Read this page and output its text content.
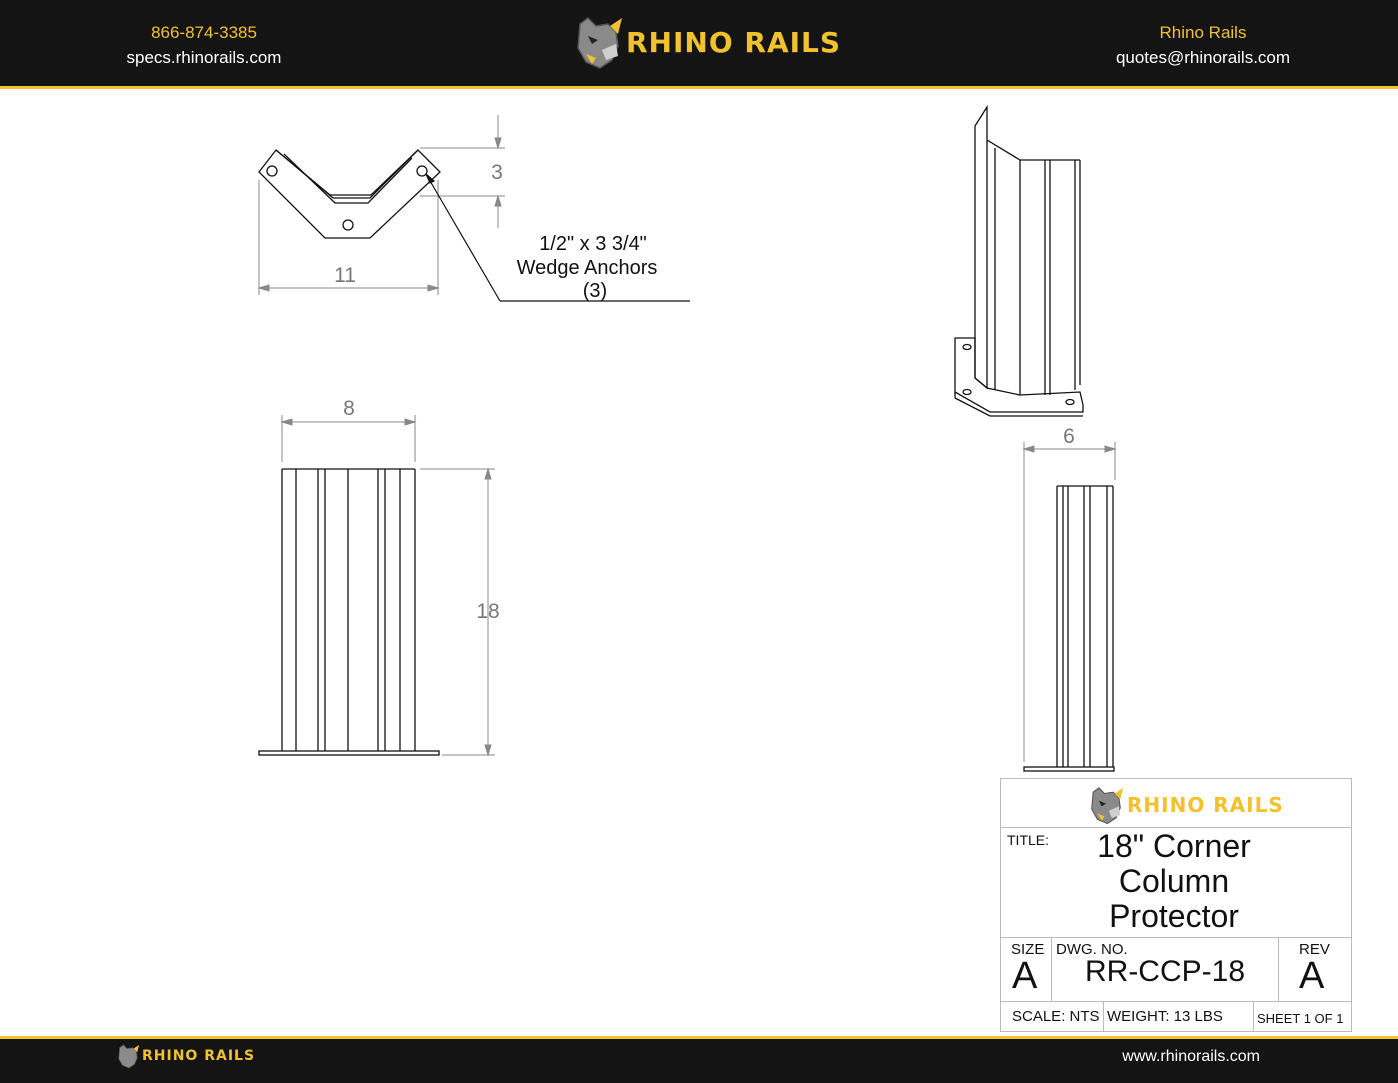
866-874-3385
specs.rhinorails.com	RHINO RAILS	Rhino Rails
quotes@rhinorails.com
11
3
1/2" x 3 3/4"
Wedge Anchors
(3)
8
18
6
RHINO RAILS
TITLE:	18" Corner
Column
Protector
SIZE
A
DWG. NO.
RR-CCP-18
REV
A
SCALE: NTS WEIGHT: 13 LBS	SHEET 1 OF 1
RHINO RAILS	www.rhinorails.com
